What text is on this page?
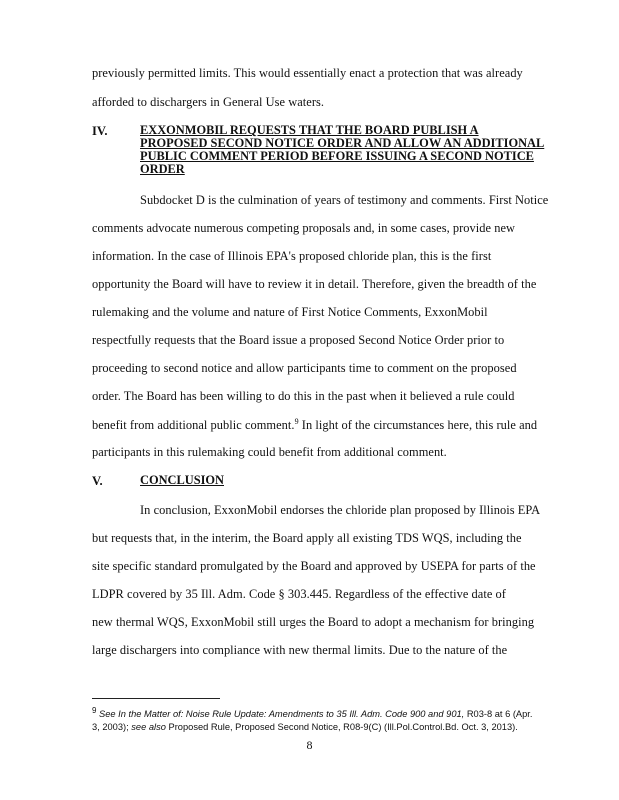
previously permitted limits. This would essentially enact a protection that was already
afforded to dischargers in General Use waters.
IV.	EXXONMOBIL REQUESTS THAT THE BOARD PUBLISH A
PROPOSED SECOND NOTICE ORDER AND ALLOW AN ADDITIONAL
PUBLIC COMMENT PERIOD BEFORE ISSUING A SECOND NOTICE
ORDER
Subdocket D is the culmination of years of testimony and comments. First Notice
comments advocate numerous competing proposals and, in some cases, provide new
information. In the case of Illinois EPA's proposed chloride plan, this is the first
opportunity the Board will have to review it in detail. Therefore, given the breadth of the
rulemaking and the volume and nature of First Notice Comments, ExxonMobil
respectfully requests that the Board issue a proposed Second Notice Order prior to
proceeding to second notice and allow participants time to comment on the proposed
order. The Board has been willing to do this in the past when it believed a rule could
benefit from additional public comment.$^9$ In light of the circumstances here, this rule and
participants in this rulemaking could benefit from additional comment.
V.	CONCLUSION
In conclusion, ExxonMobil endorses the chloride plan proposed by Illinois EPA
but requests that, in the interim, the Board apply all existing TDS WQS, including the
site specific standard promulgated by the Board and approved by USEPA for parts of the
LDPR covered by 35 Ill. Adm. Code § 303.445. Regardless of the effective date of
new thermal WQS, ExxonMobil still urges the Board to adopt a mechanism for bringing
large dischargers into compliance with new thermal limits. Due to the nature of the
9 See In the Matter of: Noise Rule Update: Amendments to 35 Ill. Adm. Code 900 and 901, R03-8 at 6 (Apr.
3, 2003); see also Proposed Rule, Proposed Second Notice, R08-9(C) (Ill.Pol.Control.Bd. Oct. 3, 2013).
8
